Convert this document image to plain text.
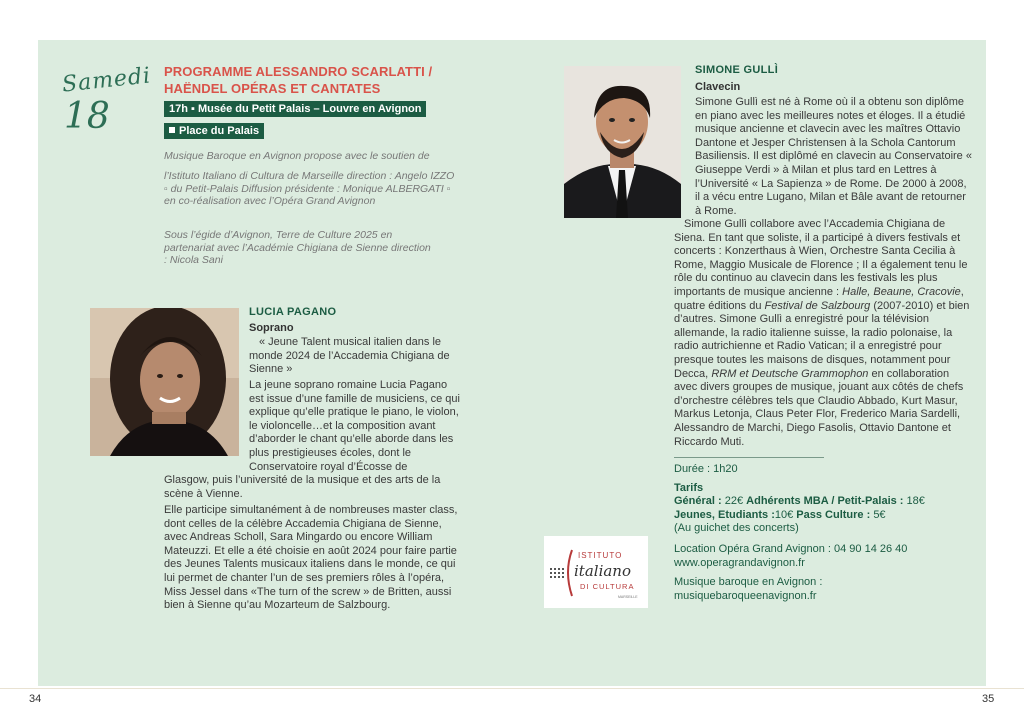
Samedi
18
PROGRAMME ALESSANDRO SCARLATTI /
HAËNDEL OPÉRAS ET CANTATES
17h ▪ Musée du Petit Palais – Louvre en Avignon
Place du Palais
Musique Baroque en Avignon propose avec le soutien de
l’Istituto Italiano di Cultura de Marseille direction : Angelo IZZO ▫ du Petit-Palais Diffusion présidente : Monique ALBERGATI ▫ en co-réalisation avec l’Opéra Grand Avignon
Sous l’égide d’Avignon, Terre de Culture 2025 en partenariat avec l’Académie Chigiana de Sienne direction : Nicola Sani
LUCIA PAGANO
Soprano

« Jeune Talent musical italien dans le monde 2024 de l’Accademia Chigiana de Sienne »

La jeune soprano romaine Lucia Pagano est issue d’une famille de musiciens, ce qui explique qu’elle pratique le piano, le violon, le violoncelle…et la composition avant d’aborder le chant qu’elle aborde dans les plus prestigieuses écoles, dont le Conservatoire royal d’Écosse de

Glasgow, puis l’université de la musique et des arts de la scène à Vienne.

Elle participe simultanément à de nombreuses master class, dont celles de la célèbre Accademia Chigiana de Sienne, avec Andreas Scholl, Sara Mingardo ou encore William Mateuzzi. Et elle a été choisie en août 2024 pour faire partie des Jeunes Talents musicaux italiens dans le monde, ce qui lui permet de chanter l’un de ses premiers rôles à l’opéra, Miss Jessel dans «The turn of the screw » de Britten, aussi bien à Sienne qu’au Mozarteum de Salzbourg.

SIMONE GULLÌ
Clavecin

Simone Gullì est né à Rome où il a obtenu son diplôme en piano avec les meilleures notes et éloges. Il a étudié musique ancienne et clavecin avec les maîtres Ottavio Dantone et Jesper Christensen à la Schola Cantorum Basiliensis. Il est diplômé en clavecin au Conservatoire « Giuseppe Verdi » à Milan et plus tard en Lettres à l’Université « La Sapienza » de Rome. De 2000 à 2008, il a vécu entre Lugano, Milan et Bâle avant de retourner à Rome.

Simone Gullì collabore avec l’Accademia Chigiana de Siena. En tant que soliste, il a participé à divers festivals et concerts : Konzerthaus à Wien, Orchestre Santa Cecilia à Rome, Maggio Musicale de Florence ; Il a également tenu le rôle du continuo au clavecin dans les festivals les plus importants de musique ancienne : Halle, Beaune, Cracovie, quatre éditions du Festival de Salzbourg (2007-2010) et bien d’autres. Simone Gullì a enregistré pour la télévision allemande, la radio italienne suisse, la radio polonaise, la radio autrichienne et Radio Vatican; il a enregistré pour presque toutes les maisons de disques, notamment pour Decca, RRM et Deutsche Grammophon en collaboration avec divers groupes de musique, jouant aux côtés de chefs d’orchestre célèbres tels que Claudio Abbado, Kurt Masur, Markus Letonja, Claus Peter Flor, Frederico Maria Sardelli, Alessandro de Marchi, Diego Fasolis, Ottavio Dantone et Riccardo Muti.

Durée : 1h20
Tarifs
Général : 22€ Adhérents MBA / Petit-Palais : 18€
Jeunes, Etudiants :10€ Pass Culture : 5€
(Au guichet des concerts)
Location Opéra Grand Avignon : 04 90 14 26 40
www.operagrandavignon.fr
Musique baroque en Avignon :
musiquebaroqueenavignon.fr
ISTITUTO
italiano
DI CULTURA
MARSEILLE
34	35
